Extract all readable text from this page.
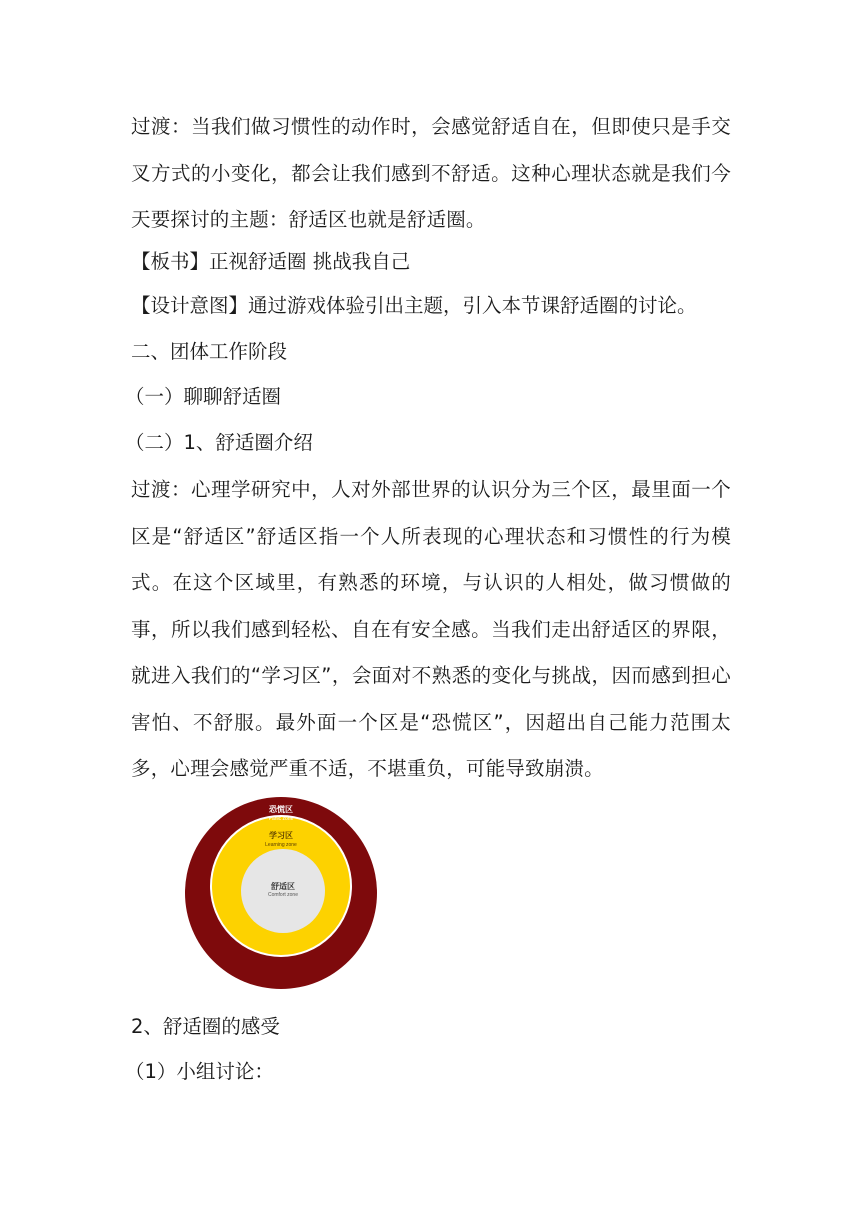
过渡：当我们做习惯性的动作时，会感觉舒适自在，但即使只是手交叉方式的小变化，都会让我们感到不舒适。这种心理状态就是我们今天要探讨的主题：舒适区也就是舒适圈。

【板书】正视舒适圈 挑战我自己
【设计意图】通过游戏体验引出主题，引入本节课舒适圈的讨论。
二、团体工作阶段
（一）聊聊舒适圈
（二）1、舒适圈介绍

过渡：心理学研究中，人对外部世界的认识分为三个区，最里面一个区是“舒适区”舒适区指一个人所表现的心理状态和习惯性的行为模式。在这个区域里，有熟悉的环境，与认识的人相处，做习惯做的事，所以我们感到轻松、自在有安全感。当我们走出舒适区的界限，就进入我们的“学习区”，会面对不熟悉的变化与挑战，因而感到担心害怕、不舒服。最外面一个区是“恐慌区”，因超出自己能力范围太多，心理会感觉严重不适，不堪重负，可能导致崩溃。

恐慌区
Panic zone
学习区
Learning zone
舒适区
Comfort zone
2、舒适圈的感受
（1）小组讨论：
